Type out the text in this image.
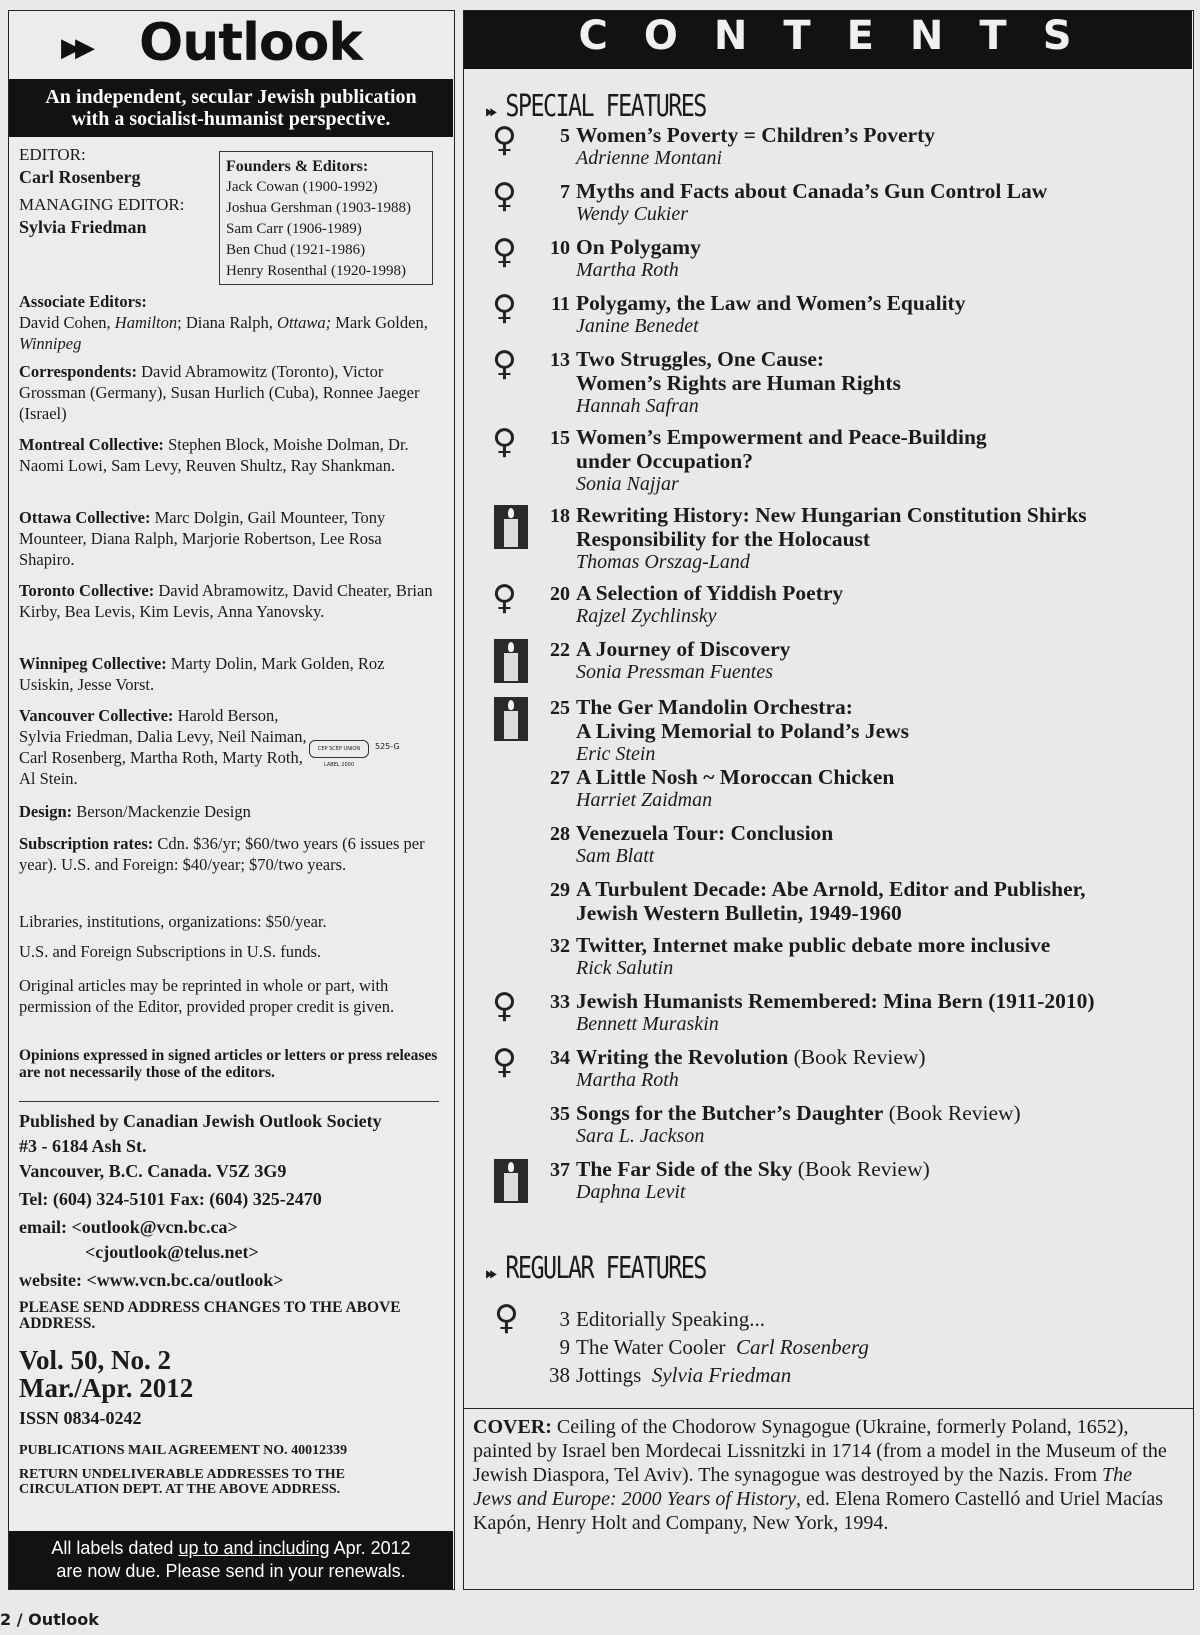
▶▶ Outlook
An independent, secular Jewish publication
with a socialist-humanist perspective.
EDITOR:
Carl Rosenberg
MANAGING EDITOR:
Sylvia Friedman
Founders & Editors:
Jack Cowan (1900-1992)
Joshua Gershman (1903-1988)
Sam Carr (1906-1989)
Ben Chud (1921-1986)
Henry Rosenthal (1920-1998)
Associate Editors:
David Cohen, Hamilton; Diana Ralph, Ottawa; Mark Golden, Winnipeg
Correspondents: David Abramowitz (Toronto), Victor Grossman (Germany), Susan Hurlich (Cuba), Ronnee Jaeger (Israel)
Montreal Collective: Stephen Block, Moishe Dolman, Dr. Naomi Lowi, Sam Levy, Reuven Shultz, Ray Shankman.
Ottawa Collective: Marc Dolgin, Gail Mounteer, Tony Mounteer, Diana Ralph, Marjorie Robertson, Lee Rosa Shapiro.
Toronto Collective: David Abramowitz, David Cheater, Brian Kirby, Bea Levis, Kim Levis, Anna Yanovsky.
Winnipeg Collective: Marty Dolin, Mark Golden, Roz Usiskin, Jesse Vorst.
Vancouver Collective: Harold Berson, Sylvia Friedman, Dalia Levy, Neil Naiman, Carl Rosenberg, Martha Roth, Marty Roth, Al Stein.
CEP SCEP UNION LABEL 2000
525-G
Design: Berson/Mackenzie Design
Subscription rates: Cdn. $36/yr; $60/two years (6 issues per year). U.S. and Foreign: $40/year; $70/two years.
Libraries, institutions, organizations: $50/year.
U.S. and Foreign Subscriptions in U.S. funds.
Original articles may be reprinted in whole or part, with permission of the Editor, provided proper credit is given.
Opinions expressed in signed articles or letters or press releases are not necessarily those of the editors.
Published by Canadian Jewish Outlook Society
#3 - 6184 Ash St.
Vancouver, B.C. Canada. V5Z 3G9
Tel: (604) 324-5101 Fax: (604) 325-2470
email: <outlook@vcn.bc.ca>
<cjoutlook@telus.net>
website: <www.vcn.bc.ca/outlook>
PLEASE SEND ADDRESS CHANGES TO THE ABOVE ADDRESS.
Vol. 50, No. 2
Mar./Apr. 2012
ISSN 0834-0242
PUBLICATIONS MAIL AGREEMENT NO. 40012339
RETURN UNDELIVERABLE ADDRESSES TO THE CIRCULATION DEPT. AT THE ABOVE ADDRESS.
All labels dated up to and including Apr. 2012
are now due. Please send in your renewals.
CONTENTS
▶▶ SPECIAL FEATURES
▶▶ REGULAR FEATURES
♀	5 Women’s Poverty = Children’s Poverty
Adrienne Montani
♀	7 Myths and Facts about Canada’s Gun Control Law
Wendy Cukier
♀	10 On Polygamy
Martha Roth
♀	11 Polygamy, the Law and Women’s Equality
Janine Benedet
♀	13 Two Struggles, One Cause:
Women’s Rights are Human Rights
Hannah Safran
♀	15 Women’s Empowerment and Peace-Building
under Occupation?
Sonia Najjar
18 Rewriting History: New Hungarian Constitution Shirks
Responsibility for the Holocaust
Thomas Orszag-Land
♀	20 A Selection of Yiddish Poetry
Rajzel Zychlinsky
22 A Journey of Discovery
Sonia Pressman Fuentes
25 The Ger Mandolin Orchestra:
A Living Memorial to Poland’s Jews
Eric Stein
27 A Little Nosh ~ Moroccan Chicken
Harriet Zaidman
28 Venezuela Tour: Conclusion
Sam Blatt
29 A Turbulent Decade: Abe Arnold, Editor and Publisher,
Jewish Western Bulletin, 1949-1960
32 Twitter, Internet make public debate more inclusive
Rick Salutin
♀	33 Jewish Humanists Remembered: Mina Bern (1911-2010)
Bennett Muraskin
♀	34 Writing the Revolution (Book Review)
Martha Roth
35 Songs for the Butcher’s Daughter (Book Review)
Sara L. Jackson
37 The Far Side of the Sky (Book Review)
Daphna Levit
♀	3 Editorially Speaking...
9 The Water Cooler Carl Rosenberg
38 Jottings Sylvia Friedman
COVER: Ceiling of the Chodorow Synagogue (Ukraine, formerly Poland, 1652), painted by Israel ben Mordecai Lissnitzki in 1714 (from a model in the Museum of the Jewish Diaspora, Tel Aviv). The synagogue was destroyed by the Nazis. From The Jews and Europe: 2000 Years of History, ed. Elena Romero Castelló and Uriel Macías Kapón, Henry Holt and Company, New York, 1994.
2 / Outlook
